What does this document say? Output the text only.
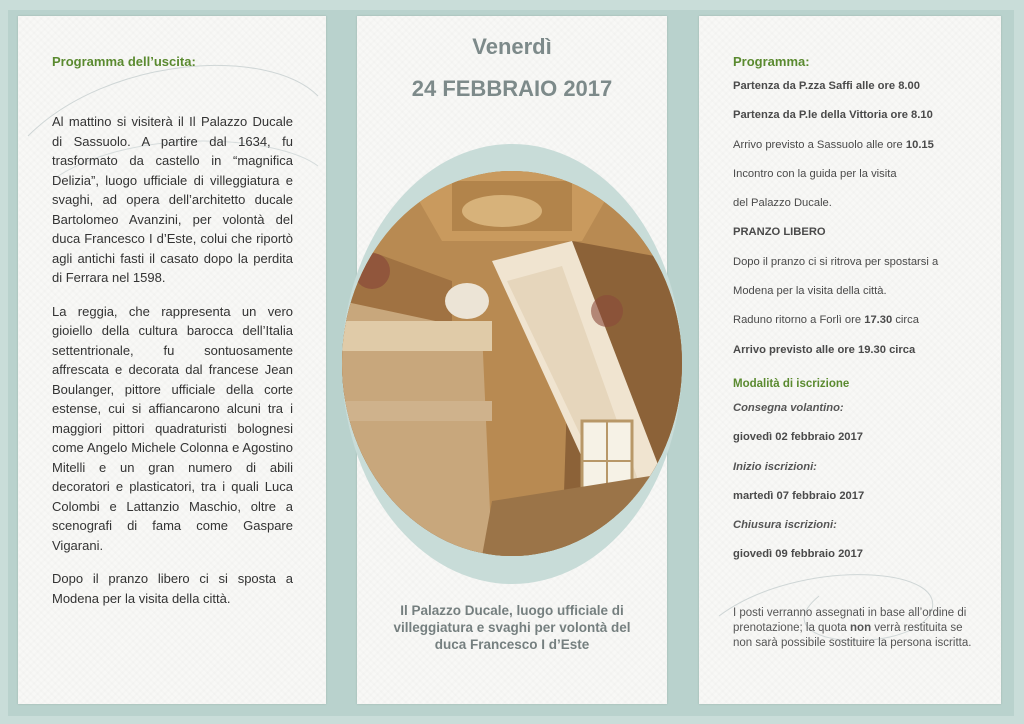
Programma dell’uscita:

Al mattino si visiterà il Il Palazzo Ducale di Sassuolo. A partire dal 1634, fu trasformato da castello in “magnifica Delizia”, luogo ufficiale di villeggiatura e svaghi, ad opera dell’architetto ducale Bartolomeo Avanzini, per volontà del duca Francesco I d’Este, colui che riportò agli antichi fasti il casato dopo la perdita di Ferrara nel 1598.

La reggia, che rappresenta un vero gioiello della cultura barocca dell’Italia settentrionale, fu sontuosamente affrescata e decorata dal francese Jean Boulanger, pittore ufficiale della corte estense, cui si affiancarono alcuni tra i maggiori pittori quadraturisti bolognesi come Angelo Michele Colonna e Agostino Mitelli e un gran numero di abili decoratori e plasticatori, tra i quali Luca Colombi e Lattanzio Maschio, oltre a scenografi di fama come Gaspare Vigarani.

Dopo il pranzo libero ci si sposta a Modena per la visita della città.

Venerdì
24 FEBBRAIO 2017
Il Palazzo Ducale, luogo ufficiale di villeggiatura e svaghi per volontà del duca Francesco I d’Este
Programma:
Partenza da P.zza Saffi alle ore 8.00
Partenza da P.le della Vittoria ore 8.10
Arrivo previsto a Sassuolo alle ore 10.15
Incontro con la guida per la visita
del Palazzo Ducale.
PRANZO LIBERO
Dopo il pranzo ci si ritrova per spostarsi a
Modena per la visita della città.
Raduno ritorno a Forlì ore 17.30 circa
Arrivo previsto alle ore 19.30 circa
Modalità di iscrizione
Consegna volantino:
giovedì 02 febbraio 2017
Inizio iscrizioni:
martedì 07 febbraio 2017
Chiusura iscrizioni:
giovedì 09 febbraio 2017
I posti verranno assegnati in base all’ordine di prenotazione; la quota non verrà restituita se non sarà possibile sostituire la persona iscritta.
